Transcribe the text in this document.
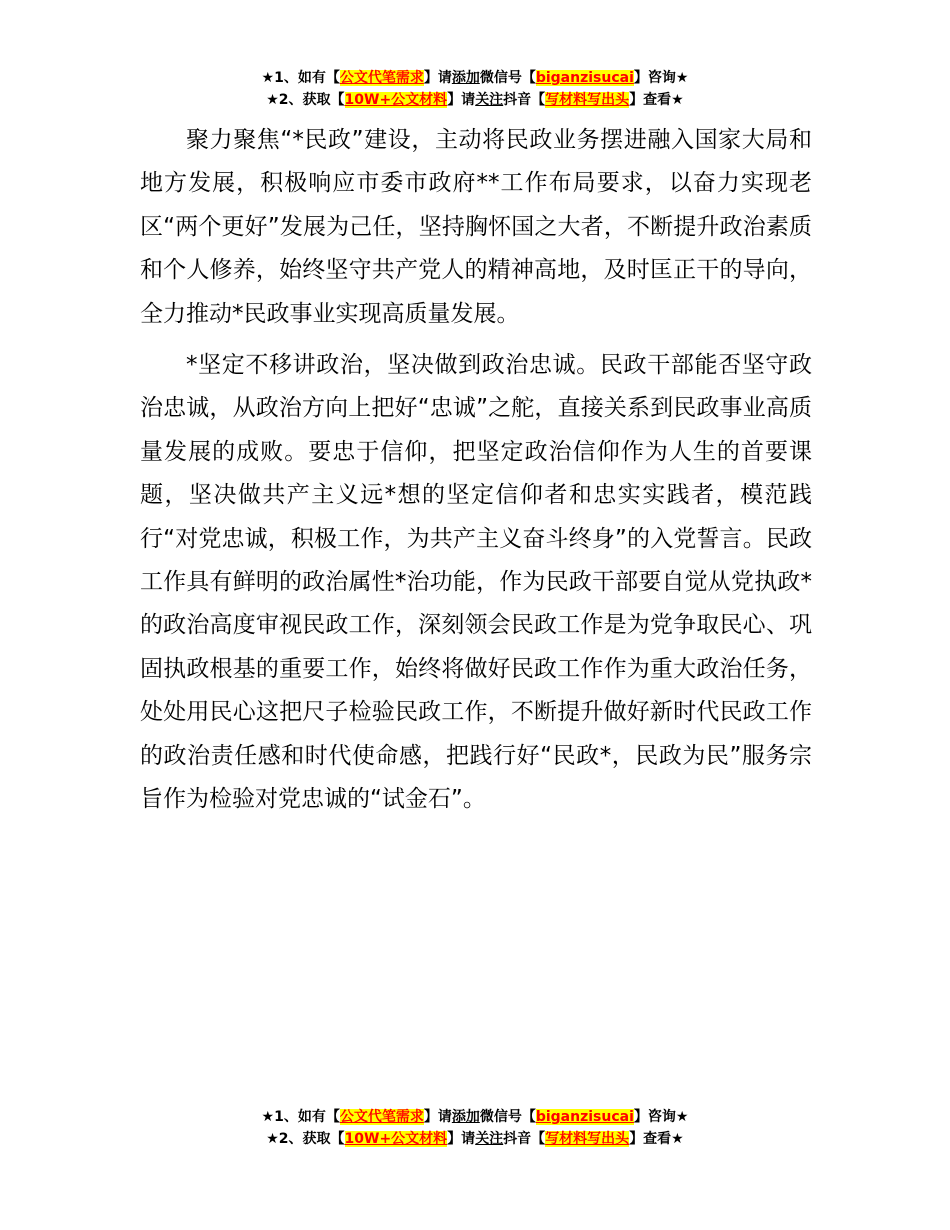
★1、如有【公文代笔需求】请添加微信号【biganzisucai】咨询★
★2、获取【10W+公文材料】请关注抖音【写材料写出头】查看★

聚力聚焦“*民政”建设，主动将民政业务摆进融入国家大局和地方发展，积极响应市委市政府**工作布局要求，以奋力实现老区“两个更好”发展为己任，坚持胸怀国之大者，不断提升政治素质和个人修养，始终坚守共产党人的精神高地，及时匡正干的导向，全力推动*民政事业实现高质量发展。

*坚定不移讲政治，坚决做到政治忠诚。民政干部能否坚守政治忠诚，从政治方向上把好“忠诚”之舵，直接关系到民政事业高质量发展的成败。要忠于信仰，把坚定政治信仰作为人生的首要课题，坚决做共产主义远*想的坚定信仰者和忠实实践者，模范践行“对党忠诚，积极工作，为共产主义奋斗终身”的入党誓言。民政工作具有鲜明的政治属性*治功能，作为民政干部要自觉从党执政*的政治高度审视民政工作，深刻领会民政工作是为党争取民心、巩固执政根基的重要工作，始终将做好民政工作作为重大政治任务，处处用民心这把尺子检验民政工作，不断提升做好新时代民政工作的政治责任感和时代使命感，把践行好“民政*，民政为民”服务宗旨作为检验对党忠诚的“试金石”。

★1、如有【公文代笔需求】请添加微信号【biganzisucai】咨询★
★2、获取【10W+公文材料】请关注抖音【写材料写出头】查看★
